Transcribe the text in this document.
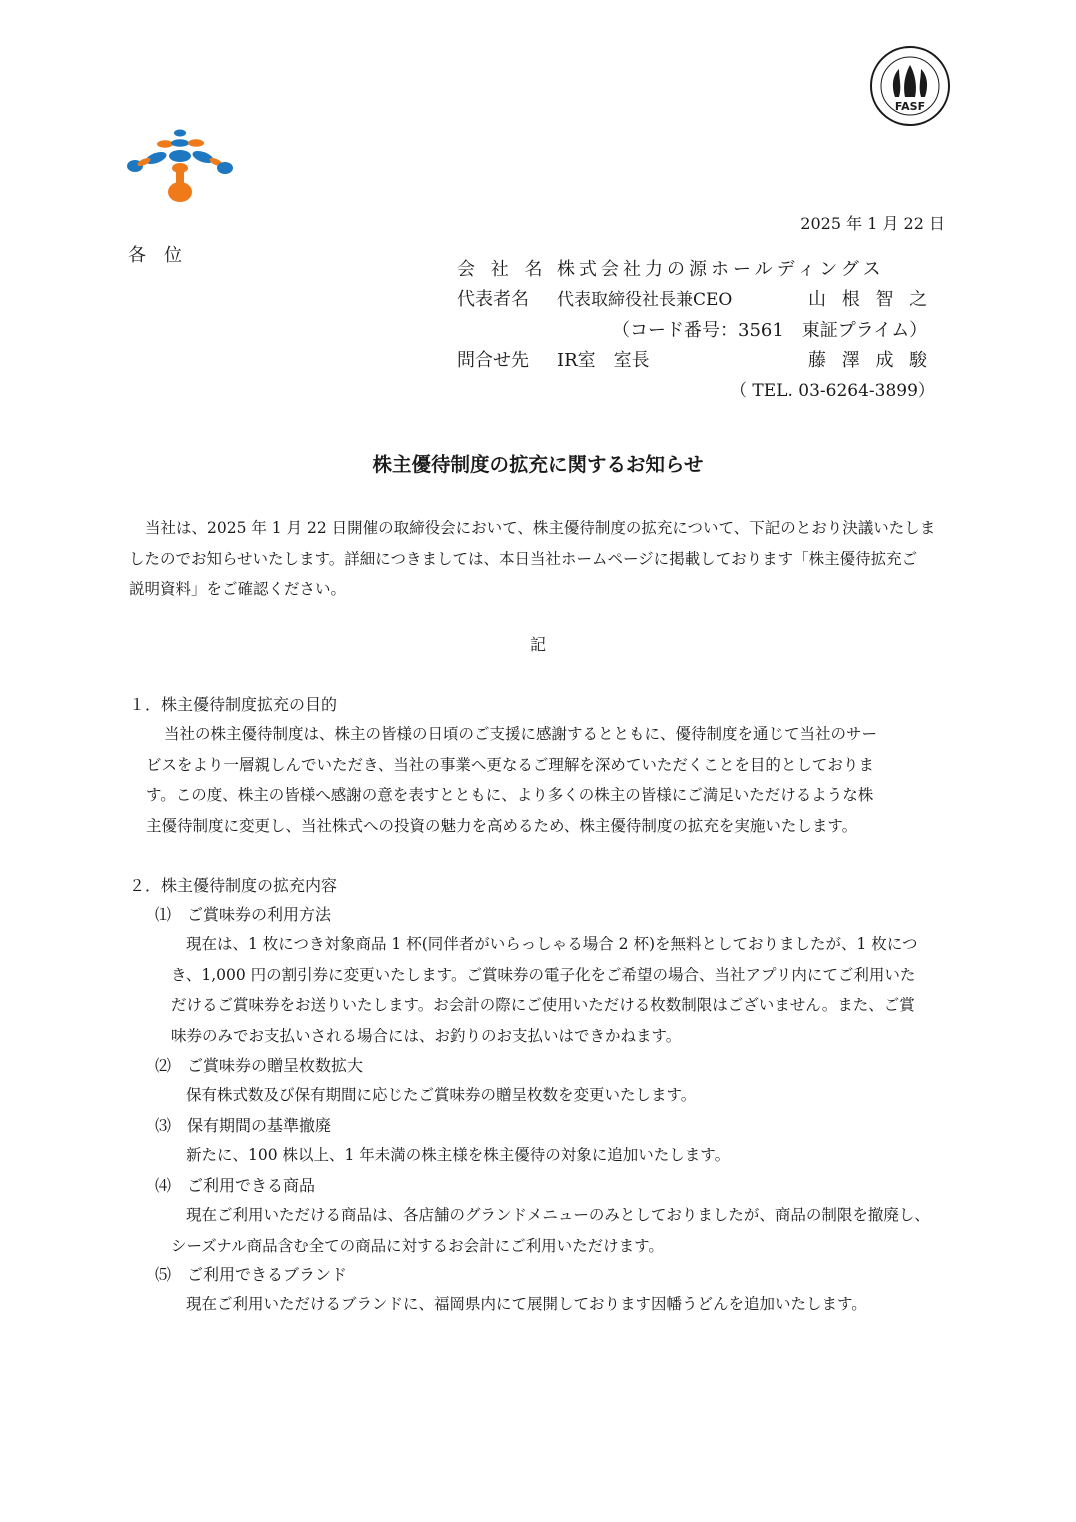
FASF
2025 年 1 月 22 日
各　位
会 社 名 株式会社力の源ホールディングス
代表者名 代表取締役社長兼CEO	山 根 智 之
（コード番号：3561　東証プライム）
問合せ先 IR室　室長	藤 澤 成 駿
（ TEL. 03-6264-3899）
株主優待制度の拡充に関するお知らせ

当社は、2025 年 1 月 22 日開催の取締役会において、株主優待制度の拡充について、下記のとおり決議いたしま

したのでお知らせいたします。詳細につきましては、本日当社ホームページに掲載しております「株主優待拡充ご

説明資料」をご確認ください。

記
１．株主優待制度拡充の目的

当社の株主優待制度は、株主の皆様の日頃のご支援に感謝するとともに、優待制度を通じて当社のサー

ビスをより一層親しんでいただき、当社の事業へ更なるご理解を深めていただくことを目的としておりま

す。この度、株主の皆様へ感謝の意を表すとともに、より多くの株主の皆様にご満足いただけるような株

主優待制度に変更し、当社株式への投資の魅力を高めるため、株主優待制度の拡充を実施いたします。

２．株主優待制度の拡充内容
⑴　ご賞味券の利用方法

現在は、1 枚につき対象商品 1 杯(同伴者がいらっしゃる場合 2 杯)を無料としておりましたが、1 枚につ

き、1,000 円の割引券に変更いたします。ご賞味券の電子化をご希望の場合、当社アプリ内にてご利用いた

だけるご賞味券をお送りいたします。お会計の際にご使用いただける枚数制限はございません。また、ご賞

味券のみでお支払いされる場合には、お釣りのお支払いはできかねます。

⑵　ご賞味券の贈呈枚数拡大

保有株式数及び保有期間に応じたご賞味券の贈呈枚数を変更いたします。

⑶　保有期間の基準撤廃

新たに、100 株以上、1 年未満の株主様を株主優待の対象に追加いたします。

⑷　ご利用できる商品

現在ご利用いただける商品は、各店舗のグランドメニューのみとしておりましたが、商品の制限を撤廃し、

シーズナル商品含む全ての商品に対するお会計にご利用いただけます。

⑸　ご利用できるブランド

現在ご利用いただけるブランドに、福岡県内にて展開しております因幡うどんを追加いたします。
